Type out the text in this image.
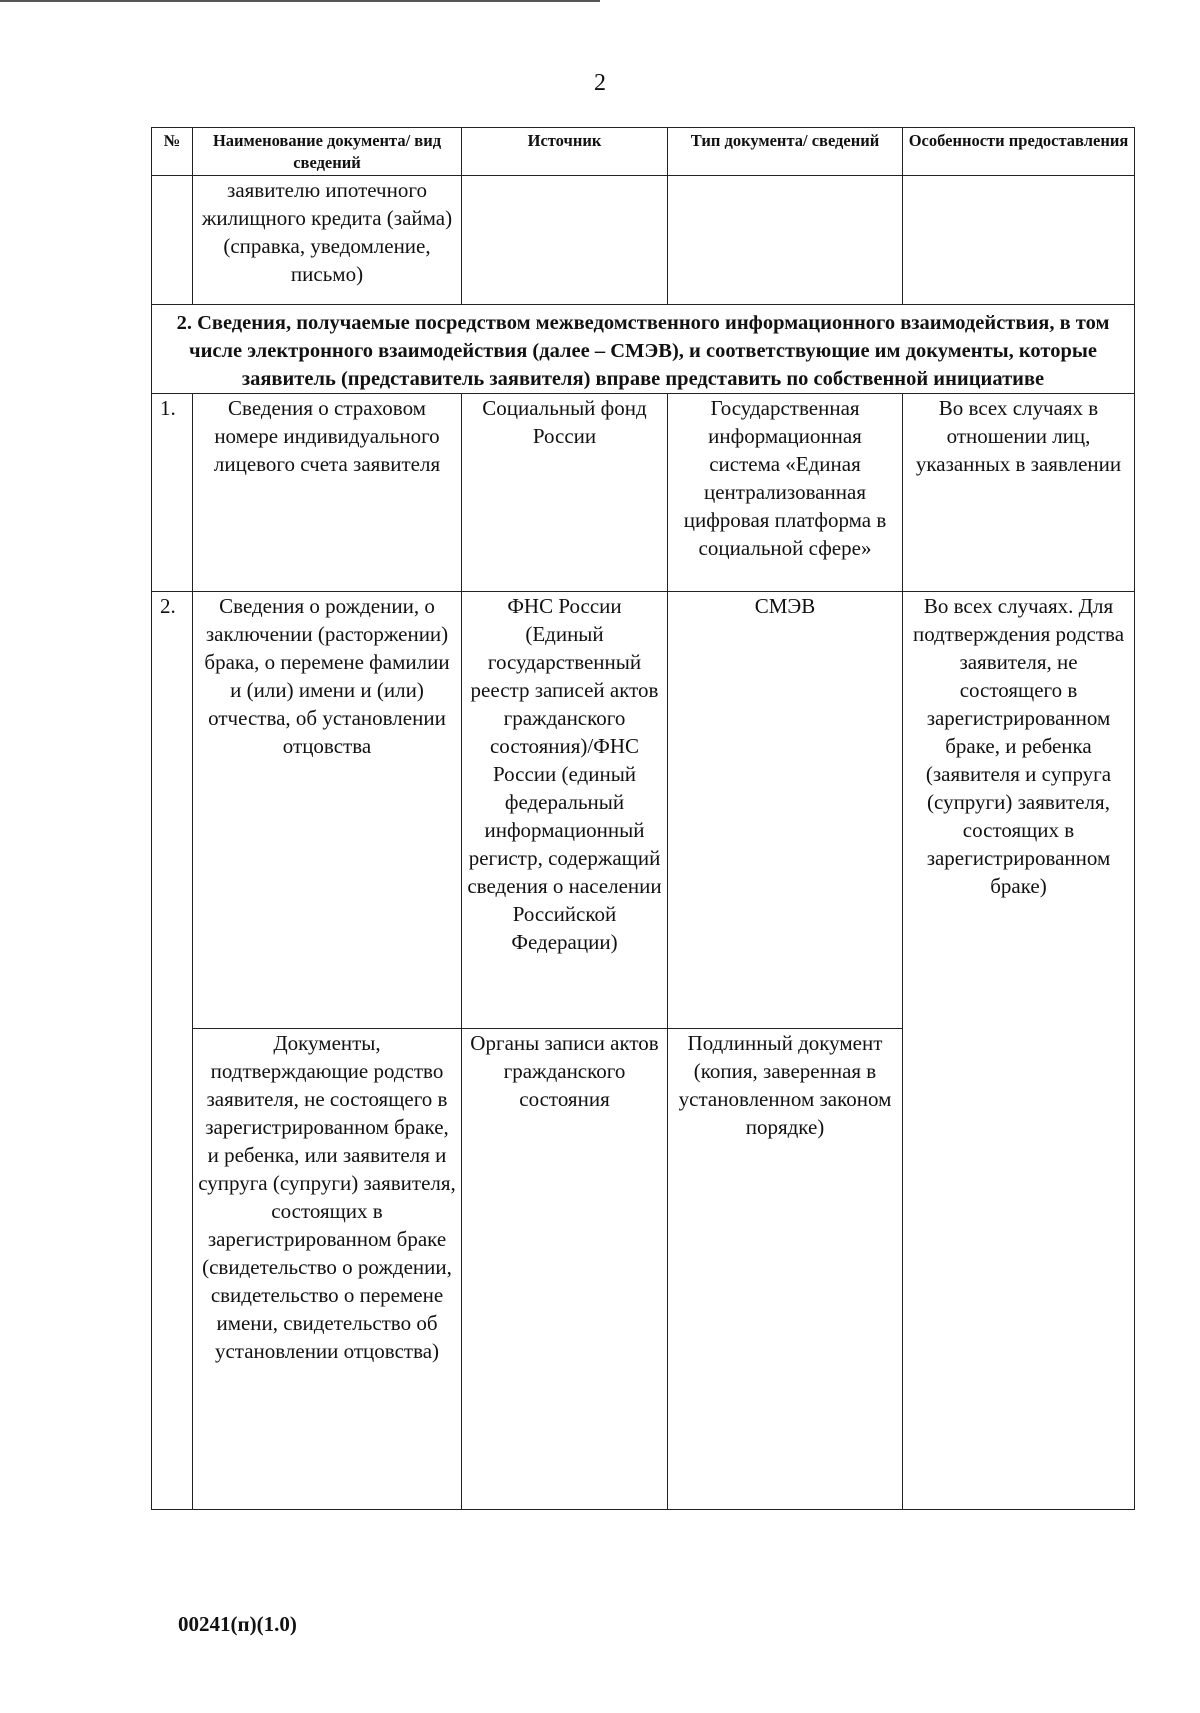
2
№	Наименование документа/ вид сведений	Источник	Тип документа/ сведений	Особенности предоставления
	заявителю ипотечного жилищного кредита (займа) (справка, уведомление, письмо)			
2. Сведения, получаемые посредством межведомственного информационного взаимодействия, в том числе электронного взаимодействия (далее – СМЭВ), и соответствующие им документы, которые заявитель (представитель заявителя) вправе представить по собственной инициативе				
1.	Сведения о страховом номере индивидуального лицевого счета заявителя	Социальный фонд России	Государственная информационная система «Единая централизованная цифровая платформа в социальной сфере»	Во всех случаях в отношении лиц, указанных в заявлении
2.	Сведения о рождении, о заключении (расторжении) брака, о перемене фамилии и (или) имени и (или) отчества, об установлении отцовства	ФНС России (Единый государственный реестр записей актов гражданского состояния)/ФНС России (единый федеральный информационный регистр, содержащий сведения о населении Российской Федерации)	СМЭВ	Во всех случаях. Для подтверждения родства заявителя, не состоящего в зарегистрированном браке, и ребенка (заявителя и супруга (супруги) заявителя, состоящих в зарегистрированном браке)
	Документы, подтверждающие родство заявителя, не состоящего в зарегистрированном браке, и ребенка, или заявителя и супруга (супруги) заявителя, состоящих в зарегистрированном браке (свидетельство о рождении, свидетельство о перемене имени, свидетельство об установлении отцовства)	Органы записи актов гражданского состояния	Подлинный документ (копия, заверенная в установленном законом порядке)	
00241(п)(1.0)
